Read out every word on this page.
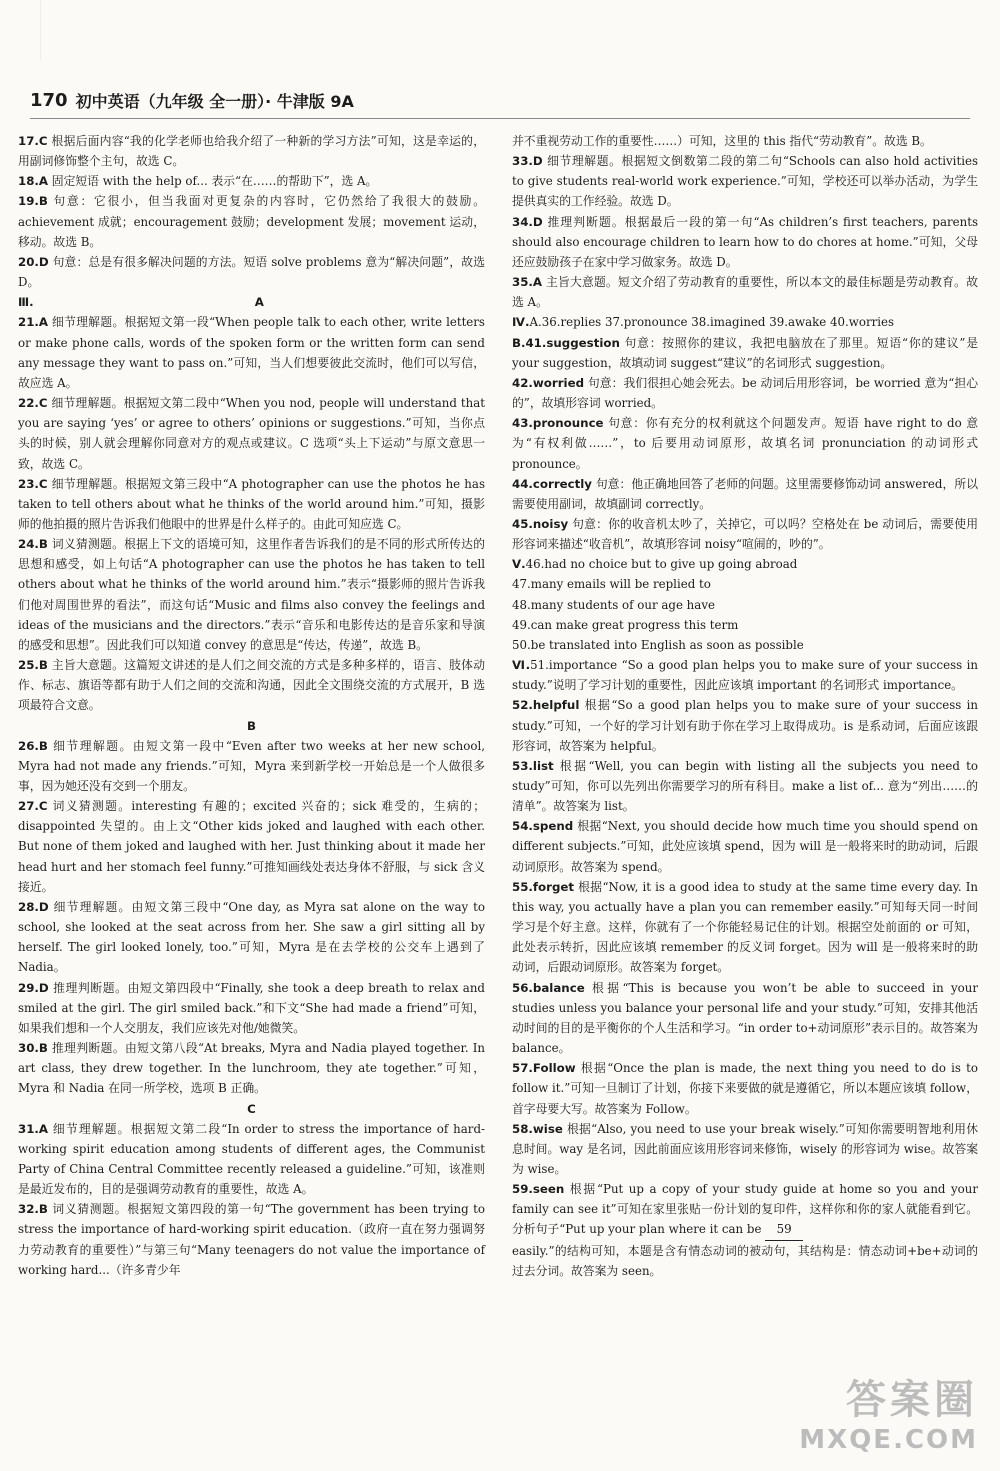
170 初中英语（九年级 全一册）· 牛津版 9A

17.C 根据后面内容“我的化学老师也给我介绍了一种新的学习方法”可知，这是幸运的，用副词修饰整个主句，故选 C。

18.A 固定短语 with the help of... 表示“在……的帮助下”，选 A。

19.B 句意：它很小，但当我面对更复杂的内容时，它仍然给了我很大的鼓励。achievement 成就；encouragement 鼓励；development 发展；movement 运动，移动。故选 B。

20.D 句意：总是有很多解决问题的方法。短语 solve problems 意为“解决问题”，故选 D。

Ⅲ.	A

21.A 细节理解题。根据短文第一段“When people talk to each other, write letters or make phone calls, words of the spoken form or the written form can send any message they want to pass on.”可知，当人们想要彼此交流时，他们可以写信，故应选 A。

22.C 细节理解题。根据短文第二段中“When you nod, people will understand that you are saying ‘yes’ or agree to others’ opinions or suggestions.”可知，当你点头的时候，别人就会理解你同意对方的观点或建议。C 选项“头上下运动”与原文意思一致，故选 C。

23.C 细节理解题。根据短文第三段中“A photographer can use the photos he has taken to tell others about what he thinks of the world around him.”可知，摄影师的他拍摄的照片告诉我们他眼中的世界是什么样子的。由此可知应选 C。

24.B 词义猜测题。根据上下文的语境可知，这里作者告诉我们的是不同的形式所传达的思想和感受，如上句话“A photographer can use the photos he has taken to tell others about what he thinks of the world around him.”表示“摄影师的照片告诉我们他对周围世界的看法”，而这句话“Music and films also convey the feelings and ideas of the musicians and the directors.”表示“音乐和电影传达的是音乐家和导演的感受和思想”。因此我们可以知道 convey 的意思是“传达，传递”，故选 B。

25.B 主旨大意题。这篇短文讲述的是人们之间交流的方式是多种多样的，语言、肢体动作、标志、旗语等都有助于人们之间的交流和沟通，因此全文围绕交流的方式展开，B 选项最符合文意。

B

26.B 细节理解题。由短文第一段中“Even after two weeks at her new school, Myra had not made any friends.”可知，Myra 来到新学校一开始总是一个人做很多事，因为她还没有交到一个朋友。

27.C 词义猜测题。interesting 有趣的；excited 兴奋的；sick 难受的，生病的；disappointed 失望的。由上文“Other kids joked and laughed with each other. But none of them joked and laughed with her. Just thinking about it made her head hurt and her stomach feel funny.”可推知画线处表达身体不舒服，与 sick 含义接近。

28.D 细节理解题。由短文第三段中“One day, as Myra sat alone on the way to school, she looked at the seat across from her. She saw a girl sitting all by herself. The girl looked lonely, too.”可知，Myra 是在去学校的公交车上遇到了 Nadia。

29.D 推理判断题。由短文第四段中“Finally, she took a deep breath to relax and smiled at the girl. The girl smiled back.”和下文“She had made a friend”可知，如果我们想和一个人交朋友，我们应该先对他/她微笑。

30.B 推理判断题。由短文第八段“At breaks, Myra and Nadia played together. In art class, they drew together. In the lunchroom, they ate together.”可知，Myra 和 Nadia 在同一所学校，选项 B 正确。

C

31.A 细节理解题。根据短文第二段“In order to stress the importance of hard-working spirit education among students of different ages, the Communist Party of China Central Committee recently released a guideline.”可知，该准则是最近发布的，目的是强调劳动教育的重要性，故选 A。

32.B 词义猜测题。根据短文第四段的第一句“The government has been trying to stress the importance of hard-working spirit education.（政府一直在努力强调努力劳动教育的重要性）”与第三句“Many teenagers do not value the importance of working hard...（许多青少年

并不重视劳动工作的重要性……）可知，这里的 this 指代“劳动教育”。故选 B。

33.D 细节理解题。根据短文倒数第二段的第二句“Schools can also hold activities to give students real-world work experience.”可知，学校还可以举办活动，为学生提供真实的工作经验。故选 D。

34.D 推理判断题。根据最后一段的第一句“As children’s first teachers, parents should also encourage children to learn how to do chores at home.”可知，父母还应鼓励孩子在家中学习做家务。故选 D。

35.A 主旨大意题。短文介绍了劳动教育的重要性，所以本文的最佳标题是劳动教育。故选 A。

Ⅳ.A.36.replies 37.pronounce 38.imagined 39.awake 40.worries

B.41.suggestion 句意：按照你的建议，我把电脑放在了那里。短语“你的建议”是 your suggestion，故填动词 suggest“建议”的名词形式 suggestion。

42.worried 句意：我们很担心她会死去。be 动词后用形容词，be worried 意为“担心的”，故填形容词 worried。

43.pronounce 句意：你有充分的权利就这个问题发声。短语 have right to do 意为“有权利做……”，to 后要用动词原形，故填名词 pronunciation 的动词形式 pronounce。

44.correctly 句意：他正确地回答了老师的问题。这里需要修饰动词 answered，所以需要使用副词，故填副词 correctly。

45.noisy 句意：你的收音机太吵了，关掉它，可以吗？空格处在 be 动词后，需要使用形容词来描述“收音机”，故填形容词 noisy“喧闹的，吵的”。

Ⅴ.46.had no choice but to give up going abroad

47.many emails will be replied to

48.many students of our age have

49.can make great progress this term

50.be translated into English as soon as possible

Ⅵ.51.importance “So a good plan helps you to make sure of your success in study.”说明了学习计划的重要性，因此应该填 important 的名词形式 importance。

52.helpful 根据“So a good plan helps you to make sure of your success in study.”可知，一个好的学习计划有助于你在学习上取得成功。is 是系动词，后面应该跟形容词，故答案为 helpful。

53.list 根据“Well, you can begin with listing all the subjects you need to study”可知，你可以先列出你需要学习的所有科目。make a list of... 意为“列出……的清单”。故答案为 list。

54.spend 根据“Next, you should decide how much time you should spend on different subjects.”可知，此处应该填 spend，因为 will 是一般将来时的助动词，后跟动词原形。故答案为 spend。

55.forget 根据“Now, it is a good idea to study at the same time every day. In this way, you actually have a plan you can remember easily.”可知每天同一时间学习是个好主意。这样，你就有了一个你能轻易记住的计划。根据空处前面的 or 可知，此处表示转折，因此应该填 remember 的反义词 forget。因为 will 是一般将来时的助动词，后跟动词原形。故答案为 forget。

56.balance 根据“This is because you won’t be able to succeed in your studies unless you balance your personal life and your study.”可知，安排其他活动时间的目的是平衡你的个人生活和学习。“in order to+动词原形”表示目的。故答案为 balance。

57.Follow 根据“Once the plan is made, the next thing you need to do is to follow it.”可知一旦制订了计划，你接下来要做的就是遵循它，所以本题应该填 follow，首字母要大写。故答案为 Follow。

58.wise 根据“Also, you need to use your break wisely.”可知你需要明智地利用休息时间。way 是名词，因此前面应该用形容词来修饰，wisely 的形容词为 wise。故答案为 wise。

59.seen 根据“Put up a copy of your study guide at home so you and your family can see it”可知在家里张贴一份计划的复印件，这样你和你的家人就能看到它。分析句子“Put up your plan where it can be 59

easily.”的结构可知，本题是含有情态动词的被动句，其结构是：情态动词+be+动词的过去分词。故答案为 seen。

答案圈
MXQE.COM
